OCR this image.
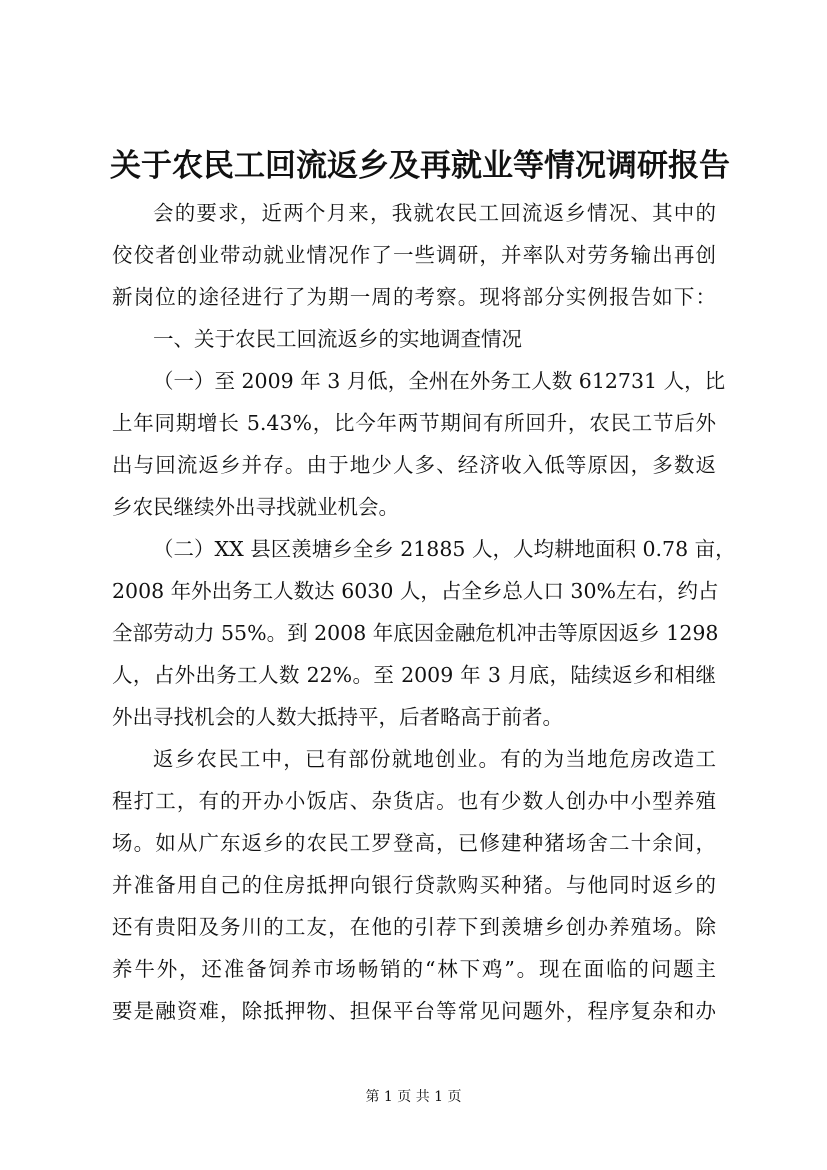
关于农民工回流返乡及再就业等情况调研报告
会的要求，近两个月来，我就农民工回流返乡情况、其中的
佼佼者创业带动就业情况作了一些调研，并率队对劳务输出再创
新岗位的途径进行了为期一周的考察。现将部分实例报告如下：
一、关于农民工回流返乡的实地调查情况
（一）至 2009 年 3 月低，全州在外务工人数 612731 人，比
上年同期增长 5.43%，比今年两节期间有所回升，农民工节后外
出与回流返乡并存。由于地少人多、经济收入低等原因，多数返
乡农民继续外出寻找就业机会。
（二）XX 县区羡塘乡全乡 21885 人，人均耕地面积 0.78 亩，
2008 年外出务工人数达 6030 人，占全乡总人口 30%左右，约占
全部劳动力 55%。到 2008 年底因金融危机冲击等原因返乡 1298
人，占外出务工人数 22%。至 2009 年 3 月底，陆续返乡和相继
外出寻找机会的人数大抵持平，后者略高于前者。
返乡农民工中，已有部份就地创业。有的为当地危房改造工
程打工，有的开办小饭店、杂货店。也有少数人创办中小型养殖
场。如从广东返乡的农民工罗登高，已修建种猪场舍二十余间，
并准备用自己的住房抵押向银行贷款购买种猪。与他同时返乡的
还有贵阳及务川的工友，在他的引荐下到羡塘乡创办养殖场。除
养牛外，还准备饲养市场畅销的“林下鸡”。现在面临的问题主
要是融资难，除抵押物、担保平台等常见问题外，程序复杂和办
第 1 页 共 1 页
